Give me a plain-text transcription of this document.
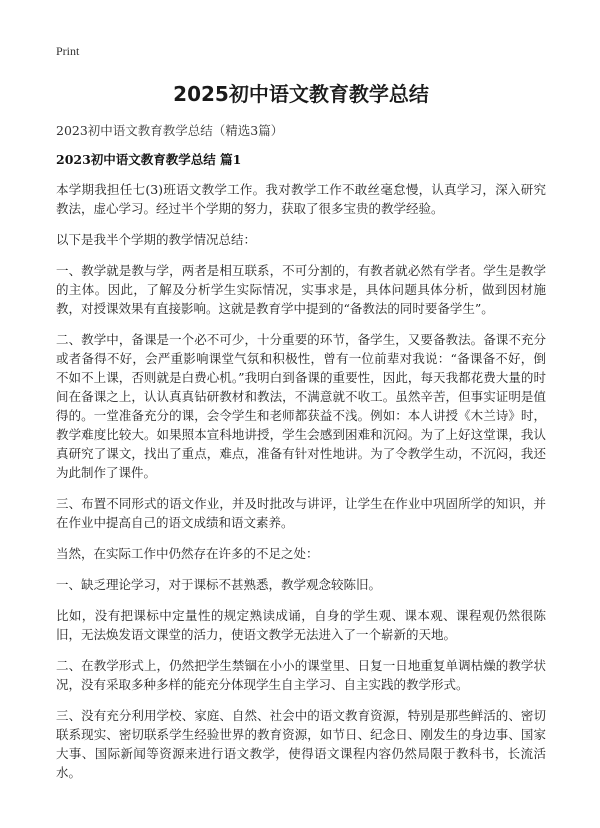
Print
2025初中语文教育教学总结
2023初中语文教育教学总结（精选3篇）
2023初中语文教育教学总结 篇1

本学期我担任七(3)班语文教学工作。我对教学工作不敢丝毫怠慢，认真学习，深入研究教法，虚心学习。经过半个学期的努力，获取了很多宝贵的教学经验。

以下是我半个学期的教学情况总结：

一、教学就是教与学，两者是相互联系，不可分割的，有教者就必然有学者。学生是教学的主体。因此，了解及分析学生实际情况，实事求是，具体问题具体分析，做到因材施教，对授课效果有直接影响。这就是教育学中提到的“备教法的同时要备学生”。

二、教学中，备课是一个必不可少，十分重要的环节，备学生，又要备教法。备课不充分或者备得不好，会严重影响课堂气氛和积极性，曾有一位前辈对我说：“备课备不好，倒不如不上课，否则就是白费心机。”我明白到备课的重要性，因此，每天我都花费大量的时间在备课之上，认认真真钻研教材和教法，不满意就不收工。虽然辛苦，但事实证明是值得的。一堂准备充分的课，会令学生和老师都获益不浅。例如：本人讲授《木兰诗》时，教学难度比较大。如果照本宣科地讲授，学生会感到困难和沉闷。为了上好这堂课，我认真研究了课文，找出了重点，难点，准备有针对性地讲。为了令教学生动，不沉闷，我还为此制作了课件。

三、布置不同形式的语文作业，并及时批改与讲评，让学生在作业中巩固所学的知识，并在作业中提高自己的语文成绩和语文素养。

当然，在实际工作中仍然存在许多的不足之处：

一、缺乏理论学习，对于课标不甚熟悉，教学观念较陈旧。

比如，没有把课标中定量性的规定熟读成诵，自身的学生观、课本观、课程观仍然很陈旧，无法焕发语文课堂的活力，使语文教学无法进入了一个崭新的天地。

二、在教学形式上，仍然把学生禁锢在小小的课堂里、日复一日地重复单调枯燥的教学状况，没有采取多种多样的能充分体现学生自主学习、自主实践的教学形式。

三、没有充分利用学校、家庭、自然、社会中的语文教育资源，特别是那些鲜活的、密切联系现实、密切联系学生经验世界的教育资源，如节日、纪念日、刚发生的身边事、国家大事、国际新闻等资源来进行语文教学，使得语文课程内容仍然局限于教科书，长流活水。
